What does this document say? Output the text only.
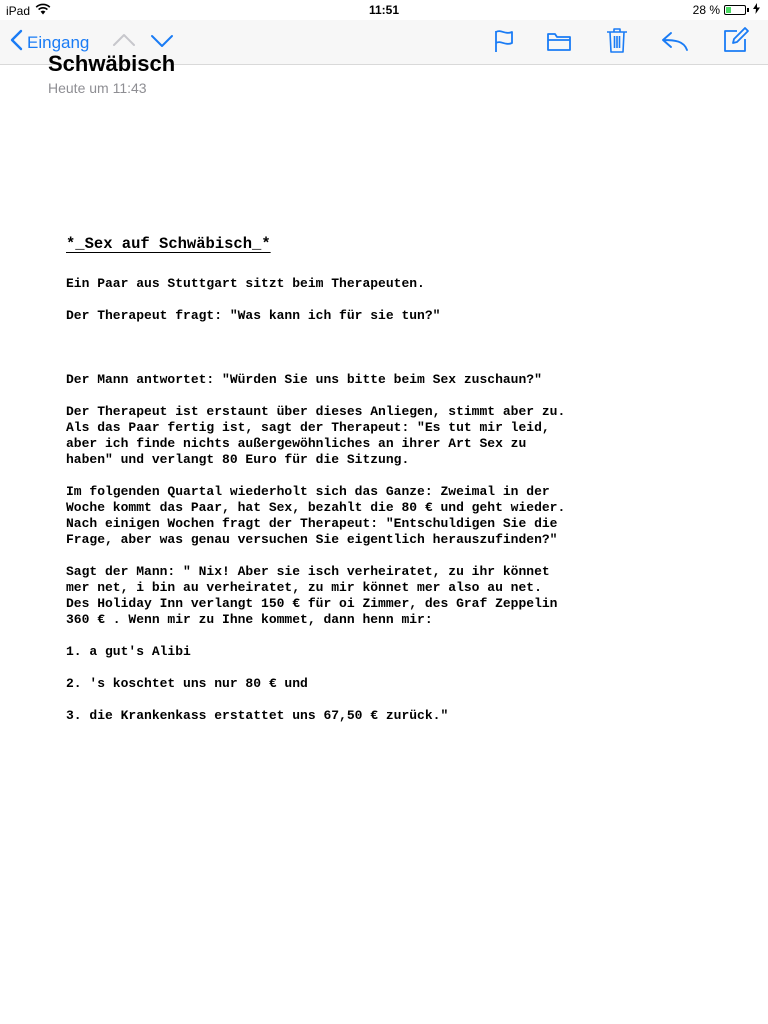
iPad	11:51	28 %
Eingang
Schwäbisch
Heute um 11:43

*_Sex auf Schwäbisch_*

Ein Paar aus Stuttgart sitzt beim Therapeuten.

Der Therapeut fragt: "Was kann ich für sie tun?"

Der Mann antwortet: "Würden Sie uns bitte beim Sex zuschaun?"

Der Therapeut ist erstaunt über dieses Anliegen, stimmt aber zu. Als das Paar fertig ist, sagt der Therapeut: "Es tut mir leid, aber ich finde nichts außergewöhnliches an ihrer Art Sex zu haben" und verlangt 80 Euro für die Sitzung.

Im folgenden Quartal wiederholt sich das Ganze: Zweimal in der Woche kommt das Paar, hat Sex, bezahlt die 80 € und geht wieder. Nach einigen Wochen fragt der Therapeut: "Entschuldigen Sie die Frage, aber was genau versuchen Sie eigentlich herauszufinden?"

Sagt der Mann: " Nix! Aber sie isch verheiratet, zu ihr könnet mer net, i bin au verheiratet, zu mir könnet mer also au net. Des Holiday Inn verlangt 150 € für oi Zimmer, des Graf Zeppelin 360 € . Wenn mir zu Ihne kommet, dann henn mir:

1. a gut's Alibi

2. 's koschtet uns nur 80 € und

3. die Krankenkass erstattet uns 67,50 € zurück."
